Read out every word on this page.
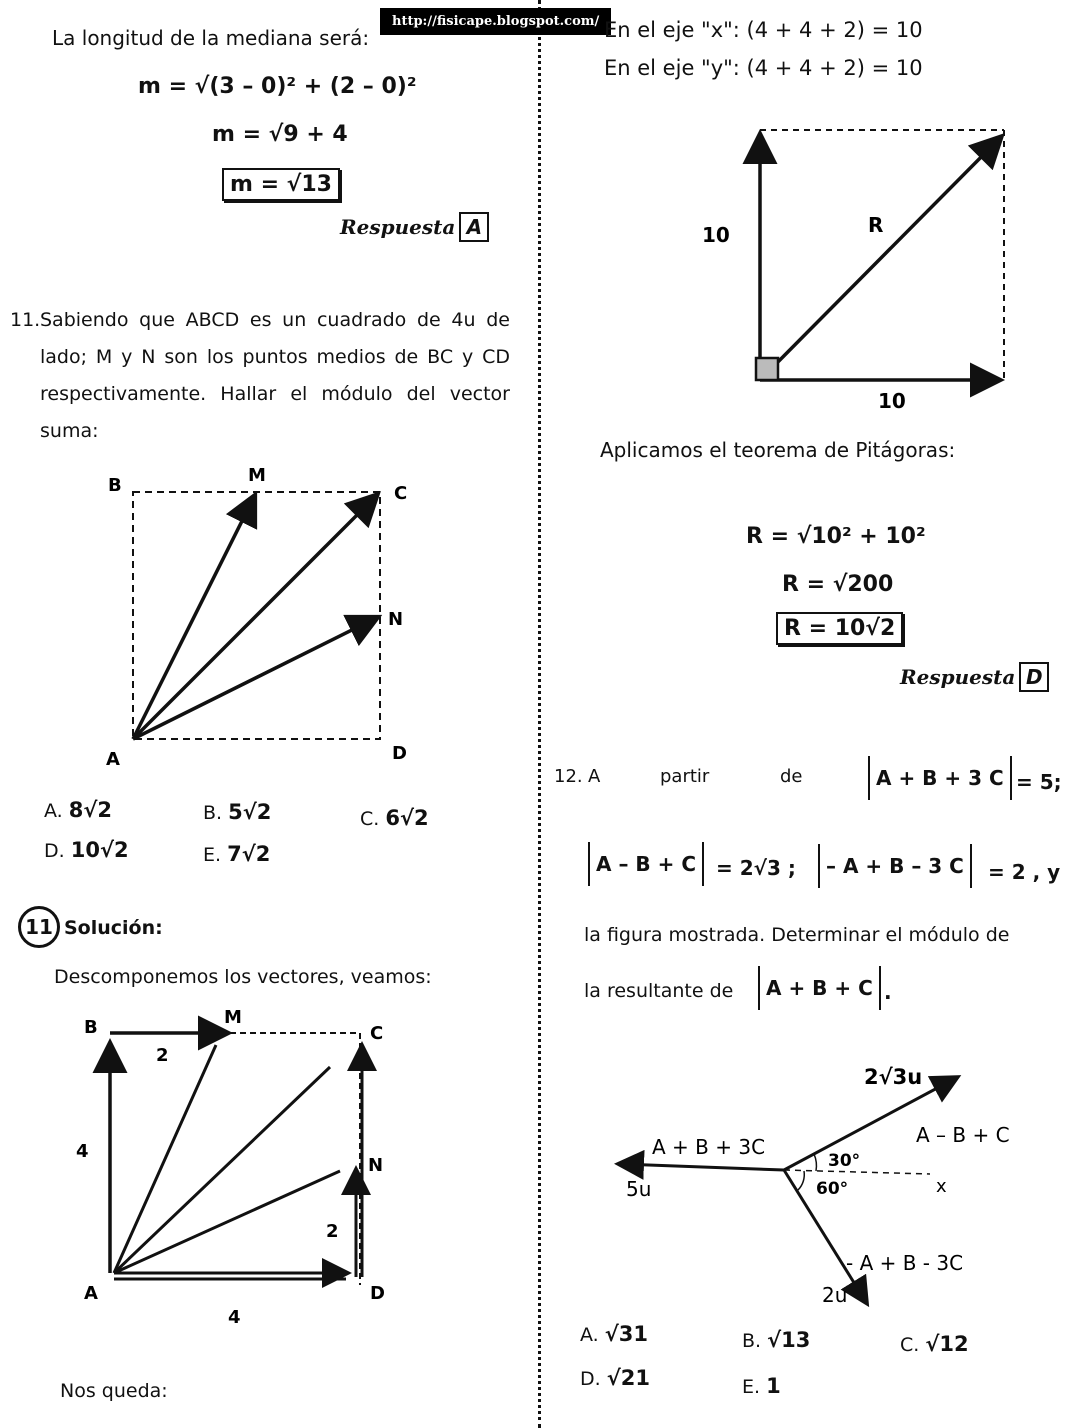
http://fisicape.blogspot.com/
La longitud de la mediana será:
m = √(3 – 0)² + (2 – 0)²
m = √9 + 4
m = √13
Respuesta A
11. Sabiendo que ABCD es un cuadrado de 4u de
lado; M y N son los puntos medios de BC y CD
respectivamente. Hallar el módulo del vector
suma:
B	M
C
N
A	D
A. 8√2	B. 5√2	C. 6√2
D. 10√2	E. 7√2
11 Solución:
Descomponemos los vectores, veamos:
B	M
C
N
A	D
2
4
2
4
Nos queda:
En el eje "x": (4 + 4 + 2) = 10
En el eje "y": (4 + 4 + 2) = 10
10
10
R
Aplicamos el teorema de Pitágoras:
R = √10² + 10²
R = √200
R = 10√2
Respuesta D
12. A	partir	de	A + B + 3 C = 5;
A – B + C = 2√3 ;	– A + B – 3 C	= 2 , y
la figura mostrada. Determinar el módulo de
la resultante de	A + B + C .
2√3u
A – B + C
A + B + 3C
5u
30°
60°	x
- A + B - 3C
2u
A. √31	B. √13	C. √12
D. √21	E. 1
